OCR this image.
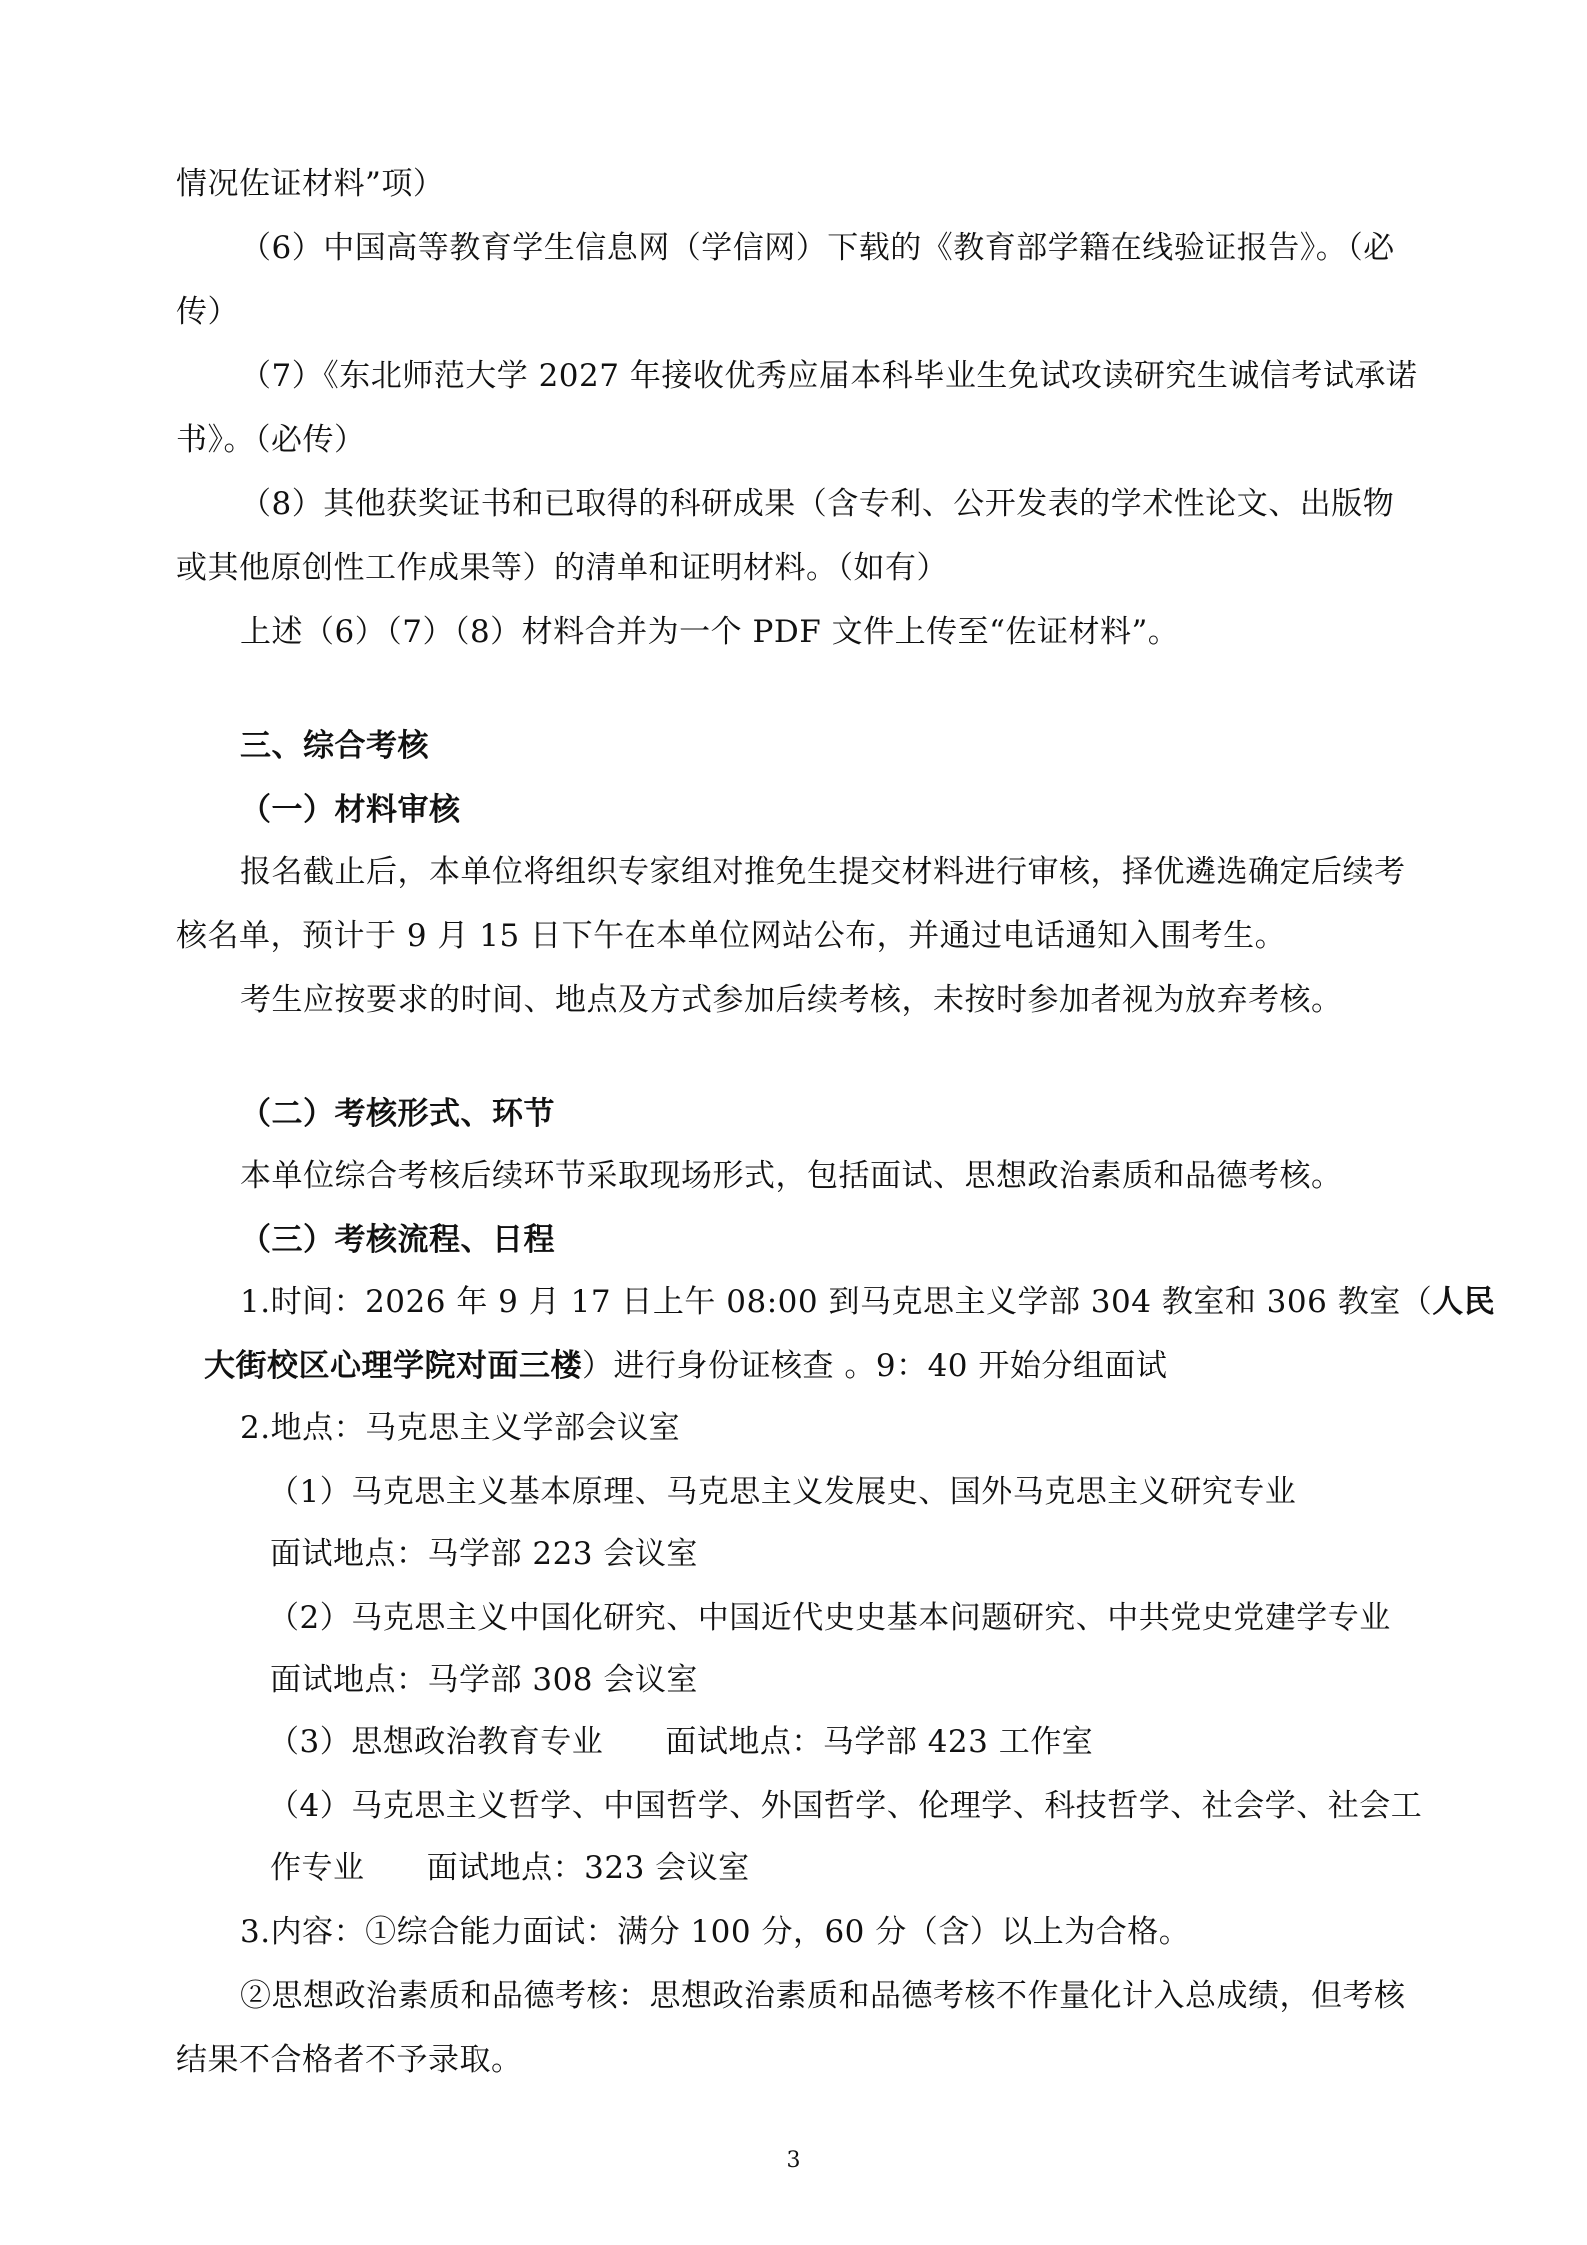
情况佐证材料”项）
（6）中国高等教育学生信息网（学信网）下载的《教育部学籍在线验证报告》。（必
传）
（7）《东北师范大学 2027 年接收优秀应届本科毕业生免试攻读研究生诚信考试承诺
书》。（必传）
（8）其他获奖证书和已取得的科研成果（含专利、公开发表的学术性论文、出版物
或其他原创性工作成果等）的清单和证明材料。（如有）
上述（6）（7）（8）材料合并为一个 PDF 文件上传至“佐证材料”。
三、综合考核
（一）材料审核
报名截止后，本单位将组织专家组对推免生提交材料进行审核，择优遴选确定后续考
核名单，预计于 9 月 15 日下午在本单位网站公布，并通过电话通知入围考生。
考生应按要求的时间、地点及方式参加后续考核，未按时参加者视为放弃考核。
（二）考核形式、环节
本单位综合考核后续环节采取现场形式，包括面试、思想政治素质和品德考核。
（三）考核流程、日程
1.时间：2026 年 9 月 17 日上午 08:00 到马克思主义学部 304 教室和 306 教室（人民
大街校区心理学院对面三楼）进行身份证核查 。9：40 开始分组面试
2.地点：马克思主义学部会议室
（1）马克思主义基本原理、马克思主义发展史、国外马克思主义研究专业
面试地点：马学部 223 会议室
（2）马克思主义中国化研究、中国近代史史基本问题研究、中共党史党建学专业
面试地点：马学部 308 会议室
（3）思想政治教育专业      面试地点：马学部 423 工作室
（4）马克思主义哲学、中国哲学、外国哲学、伦理学、科技哲学、社会学、社会工
作专业      面试地点：323 会议室
3.内容：①综合能力面试：满分 100 分，60 分（含）以上为合格。
②思想政治素质和品德考核：思想政治素质和品德考核不作量化计入总成绩，但考核
结果不合格者不予录取。
3
